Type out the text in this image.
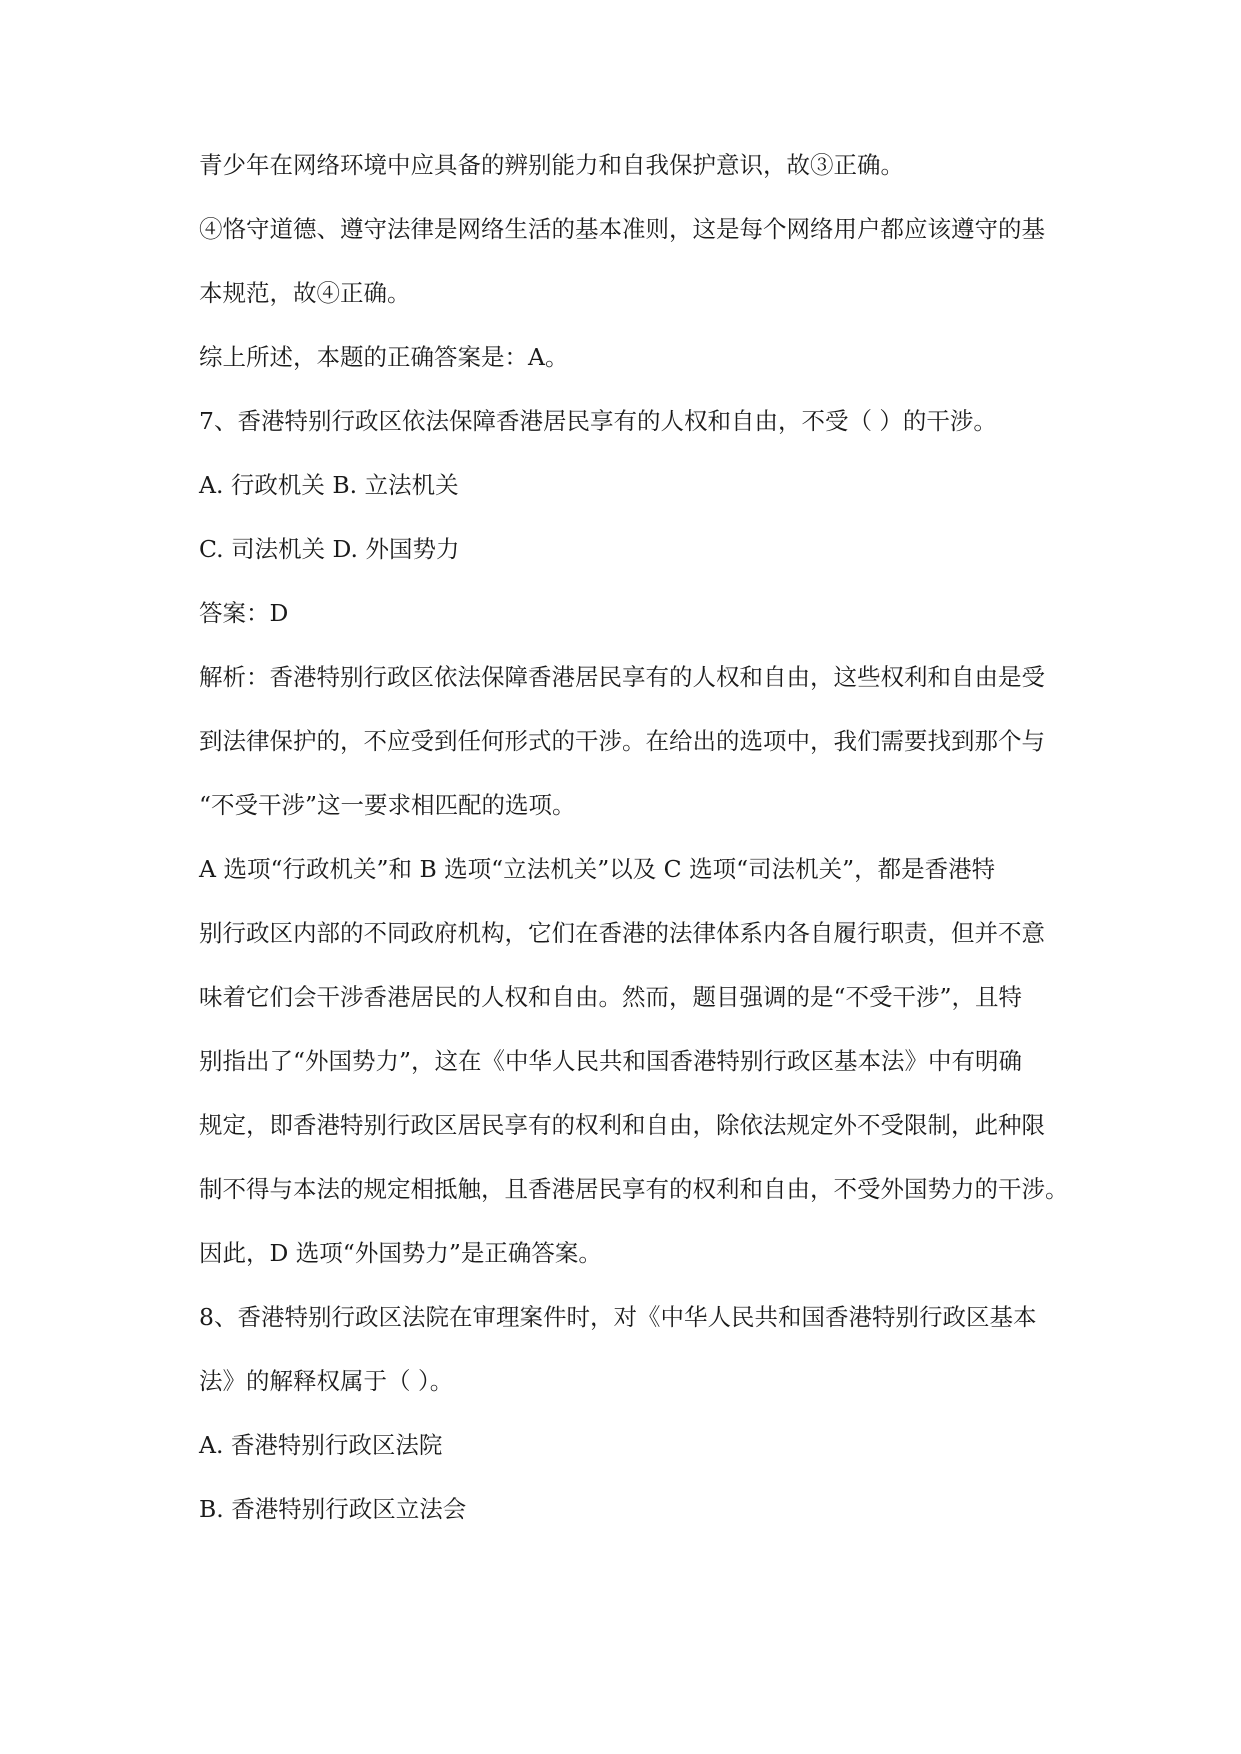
青少年在网络环境中应具备的辨别能力和自我保护意识，故③正确。

④恪守道德、遵守法律是网络生活的基本准则，这是每个网络用户都应该遵守的基

本规范，故④正确。

综上所述，本题的正确答案是：A。

7、香港特别行政区依法保障香港居民享有的人权和自由，不受（ ）的干涉。

A. 行政机关 B. 立法机关

C. 司法机关 D. 外国势力

答案：D

解析：香港特别行政区依法保障香港居民享有的人权和自由，这些权利和自由是受

到法律保护的，不应受到任何形式的干涉。在给出的选项中，我们需要找到那个与

“不受干涉”这一要求相匹配的选项。

A 选项“行政机关”和 B 选项“立法机关”以及 C 选项“司法机关”，都是香港特

别行政区内部的不同政府机构，它们在香港的法律体系内各自履行职责，但并不意

味着它们会干涉香港居民的人权和自由。然而，题目强调的是“不受干涉”，且特

别指出了“外国势力”，这在《中华人民共和国香港特别行政区基本法》中有明确

规定，即香港特别行政区居民享有的权利和自由，除依法规定外不受限制，此种限

制不得与本法的规定相抵触，且香港居民享有的权利和自由，不受外国势力的干涉。

因此，D 选项“外国势力”是正确答案。

8、香港特别行政区法院在审理案件时，对《中华人民共和国香港特别行政区基本

法》的解释权属于（ ）。

A. 香港特别行政区法院

B. 香港特别行政区立法会
